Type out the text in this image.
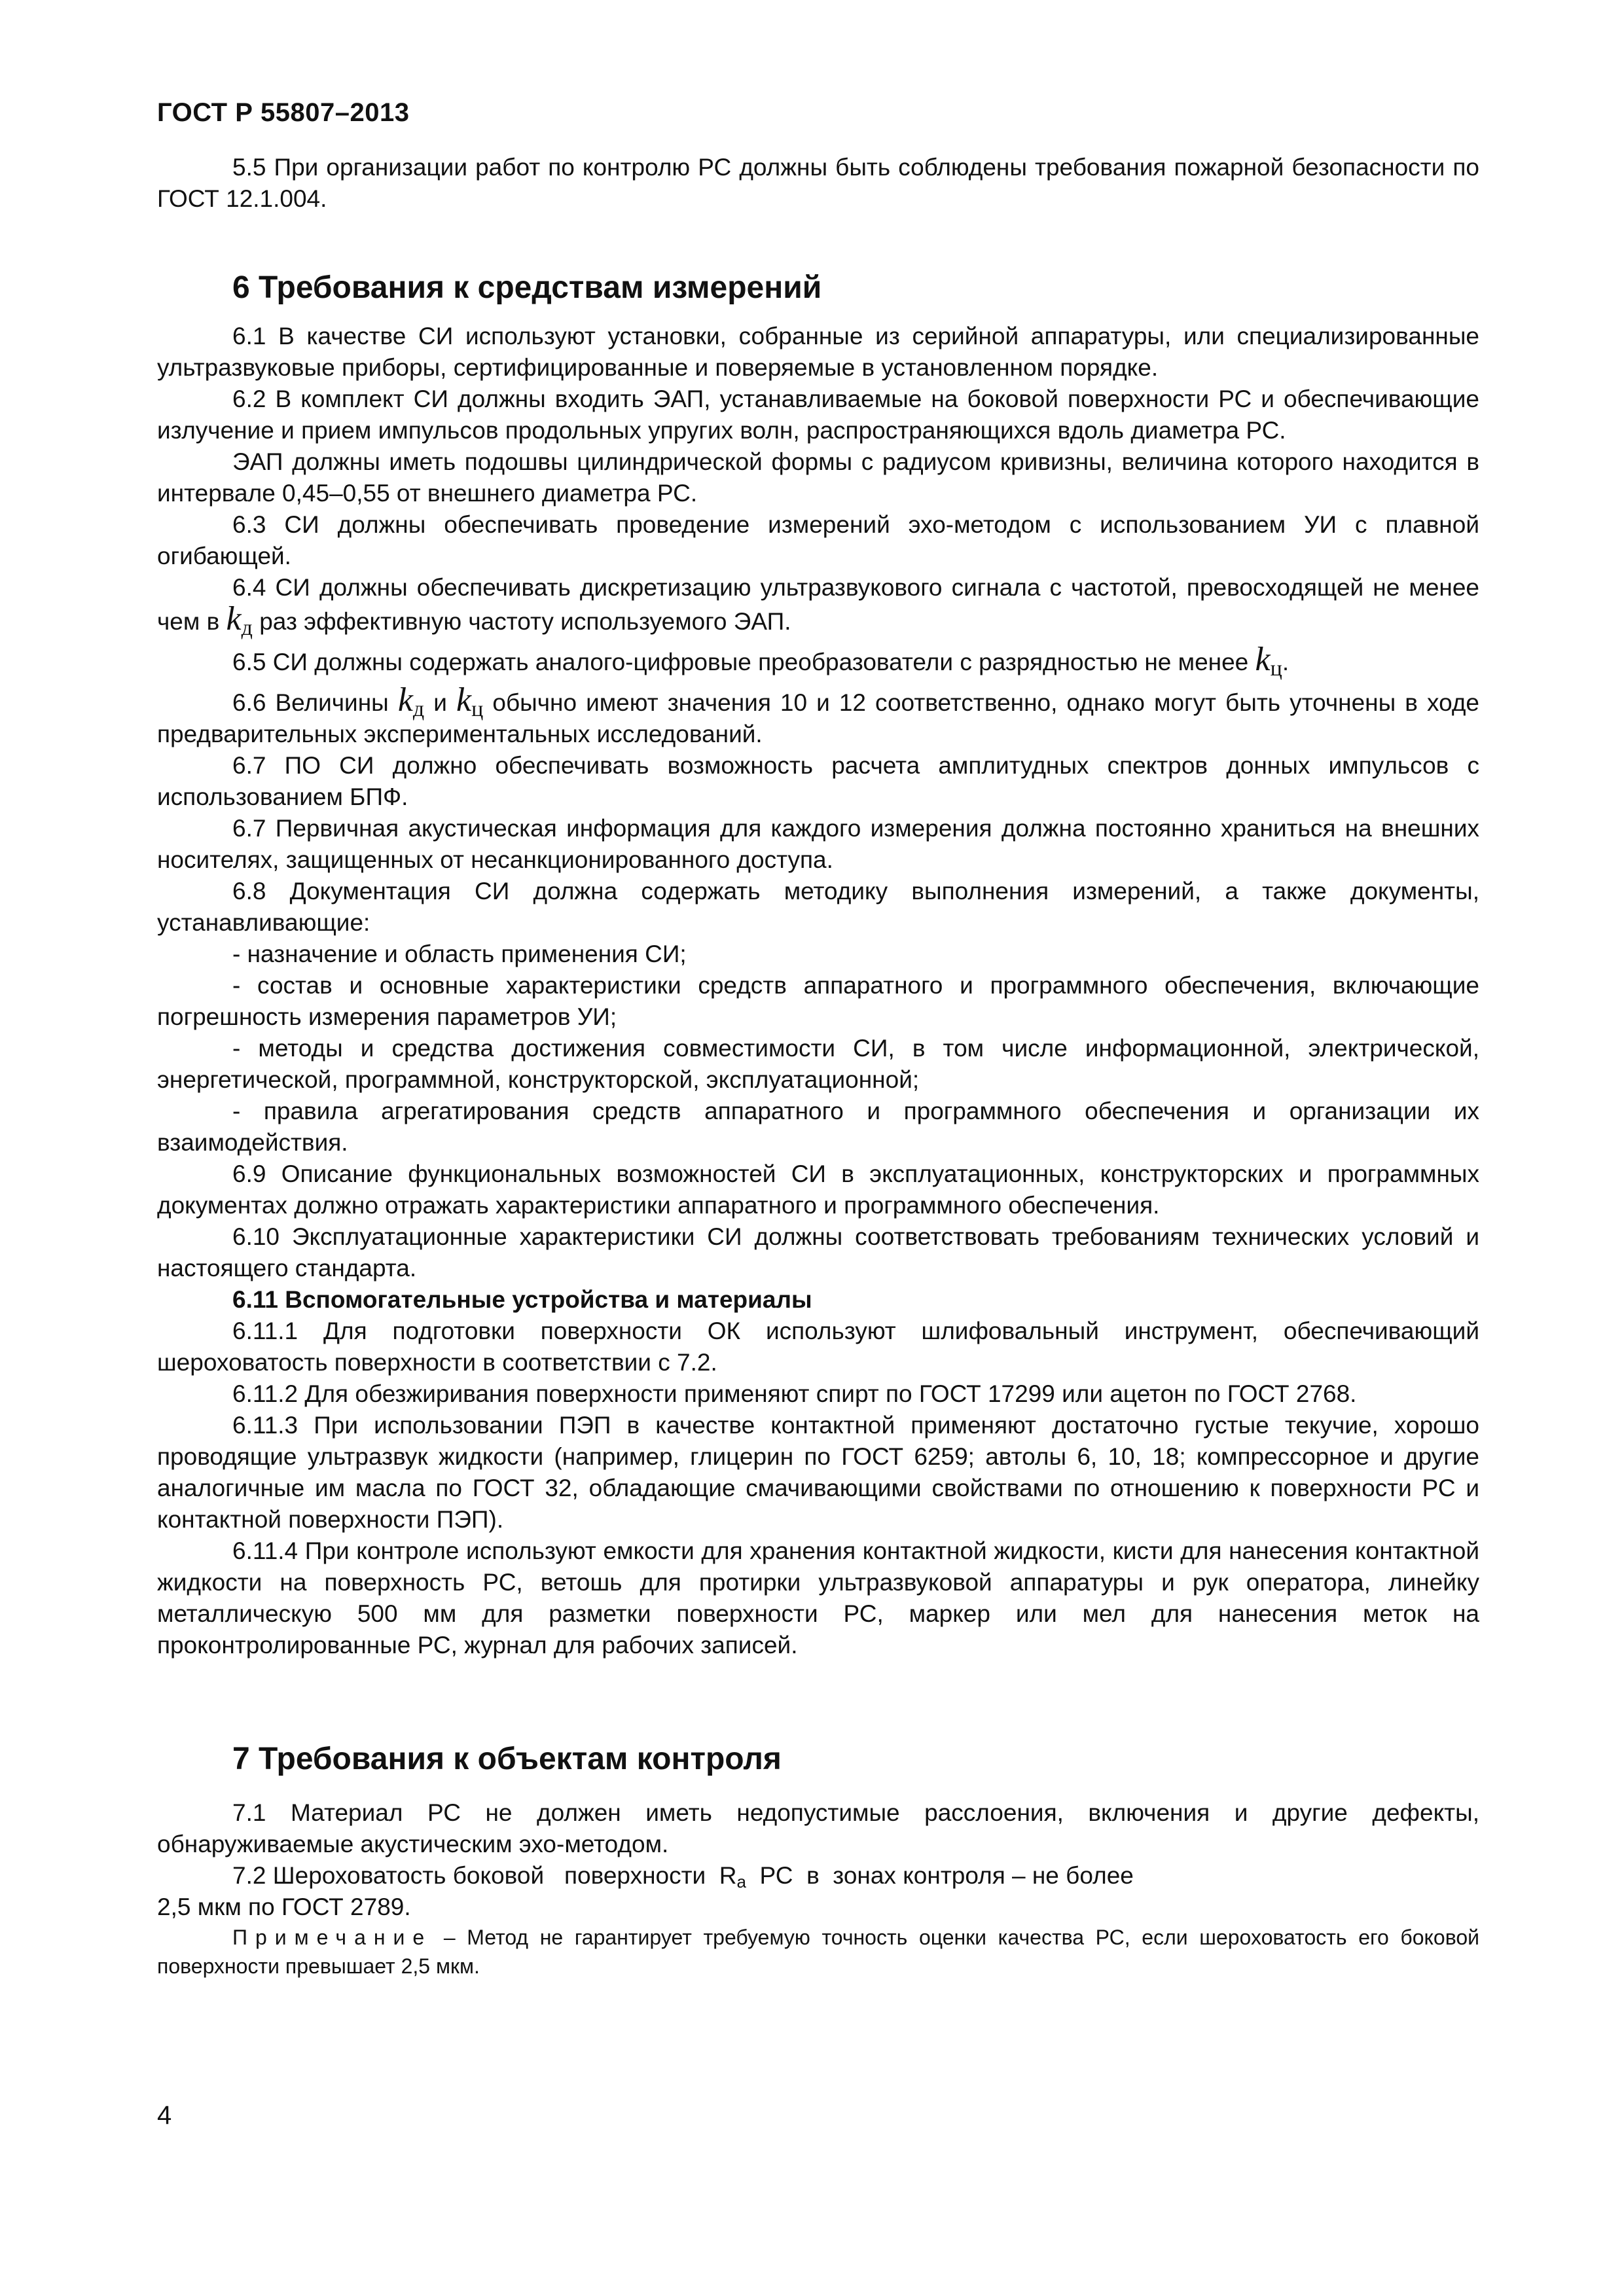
ГОСТ Р 55807–2013

5.5 При организации работ по контролю РС должны быть соблюдены требования пожарной безопасности по ГОСТ 12.1.004.

6 Требования к средствам измерений

6.1 В качестве СИ используют установки, собранные из серийной аппаратуры, или специализированные ультразвуковые приборы, сертифицированные и поверяемые в установленном порядке.

6.2 В комплект СИ должны входить ЭАП, устанавливаемые на боковой поверхности РС и обеспечивающие излучение и прием импульсов продольных упругих волн, распространяющихся вдоль диаметра РС.

ЭАП должны иметь подошвы цилиндрической формы с радиусом кривизны, величина которого находится в интервале 0,45–0,55 от внешнего диаметра РС.

6.3 СИ должны обеспечивать проведение измерений эхо-методом с использованием УИ с плавной огибающей.

6.4 СИ должны обеспечивать дискретизацию ультразвукового сигнала с частотой, превосходящей не менее чем в $k_д$ раз эффективную частоту используемого ЭАП.

6.5 СИ должны содержать аналого-цифровые преобразователи с разрядностью не менее $k_ц$.

6.6 Величины $k_д$ и $k_ц$ обычно имеют значения 10 и 12 соответственно, однако могут быть уточнены в ходе предварительных экспериментальных исследований.

6.7 ПО СИ должно обеспечивать возможность расчета амплитудных спектров донных импульсов с использованием БПФ.

6.7 Первичная акустическая информация для каждого измерения должна постоянно храниться на внешних носителях, защищенных от несанкционированного доступа.

6.8 Документация СИ должна содержать методику выполнения измерений, а также документы, устанавливающие:

- назначение и область применения СИ;

- состав и основные характеристики средств аппаратного и программного обеспечения, включающие погрешность измерения параметров УИ;

- методы и средства достижения совместимости СИ, в том числе информационной, электрической, энергетической, программной, конструкторской, эксплуатационной;

- правила агрегатирования средств аппаратного и программного обеспечения и организации их взаимодействия.

6.9 Описание функциональных возможностей СИ в эксплуатационных, конструкторских и программных документах должно отражать характеристики аппаратного и программного обеспечения.

6.10 Эксплуатационные характеристики СИ должны соответствовать требованиям технических условий и настоящего стандарта.

6.11 Вспомогательные устройства и материалы

6.11.1 Для подготовки поверхности ОК используют шлифовальный инструмент, обеспечивающий шероховатость поверхности в соответствии с 7.2.

6.11.2 Для обезжиривания поверхности применяют спирт по ГОСТ 17299 или ацетон по ГОСТ 2768.

6.11.3 При использовании ПЭП в качестве контактной применяют достаточно густые текучие, хорошо проводящие ультразвук жидкости (например, глицерин по ГОСТ 6259; автолы 6, 10, 18; компрессорное и другие аналогичные им масла по ГОСТ 32, обладающие смачивающими свойствами по отношению к поверхности РС и контактной поверхности ПЭП).

6.11.4 При контроле используют емкости для хранения контактной жидкости, кисти для нанесения контактной жидкости на поверхность РС, ветошь для протирки ультразвуковой аппаратуры и рук оператора, линейку металлическую 500 мм для разметки поверхности РС, маркер или мел для нанесения меток на проконтролированные РС, журнал для рабочих записей.

7 Требования к объектам контроля

7.1 Материал РС не должен иметь недопустимые расслоения, включения и другие дефекты, обнаруживаемые акустическим эхо-методом.

7.2 Шероховатость боковой   поверхности  $R_a$  РС  в  зонах контроля – не более

2,5 мкм по ГОСТ 2789.

Примечание – Метод не гарантирует требуемую точность оценки качества РС, если шероховатость его боковой поверхности превышает 2,5 мкм.

4
